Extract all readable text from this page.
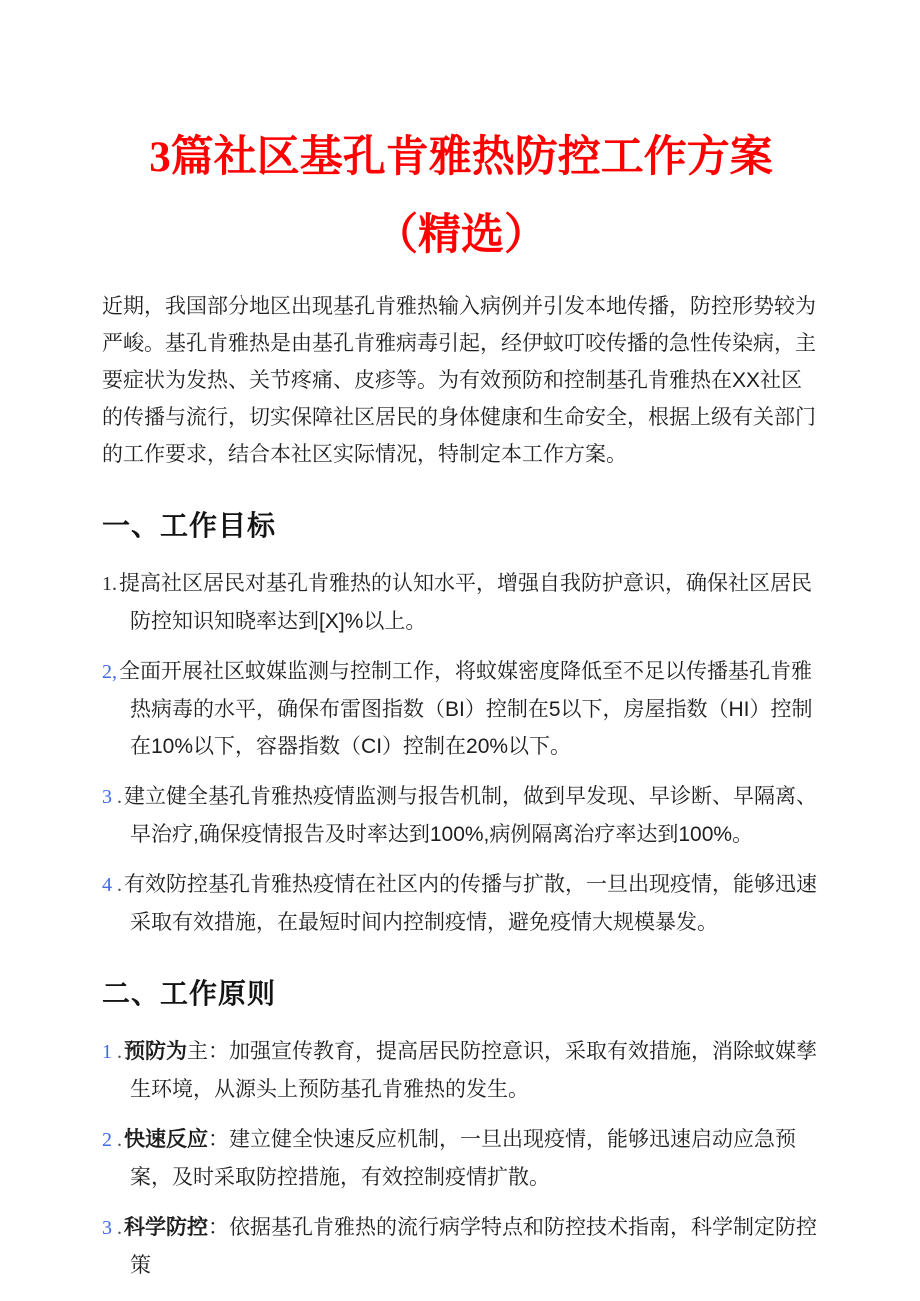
3篇社区基孔肯雅热防控工作方案
（精选）

近期，我国部分地区出现基孔肯雅热输入病例并引发本地传播，防控形势较为严峻。基孔肯雅热是由基孔肯雅病毒引起，经伊蚊叮咬传播的急性传染病，主要症状为发热、关节疼痛、皮疹等。为有效预防和控制基孔肯雅热在XX社区的传播与流行，切实保障社区居民的身体健康和生命安全，根据上级有关部门的工作要求，结合本社区实际情况，特制定本工作方案。

一、工作目标
1.提高社区居民对基孔肯雅热的认知水平，增强自我防护意识，确保社区居民防控知识知晓率达到[X]%以上。
2,全面开展社区蚊媒监测与控制工作，将蚊媒密度降低至不足以传播基孔肯雅热病毒的水平，确保布雷图指数（BI）控制在5以下，房屋指数（HI）控制在10%以下，容器指数（CI）控制在20%以下。
3 .建立健全基孔肯雅热疫情监测与报告机制，做到早发现、早诊断、早隔离、早治疗,确保疫情报告及时率达到100%,病例隔离治疗率达到100%。
4 .有效防控基孔肯雅热疫情在社区内的传播与扩散，一旦出现疫情，能够迅速采取有效措施，在最短时间内控制疫情，避免疫情大规模暴发。
二、工作原则
1 .预防为主：加强宣传教育，提高居民防控意识，采取有效措施，消除蚊媒孳生环境，从源头上预防基孔肯雅热的发生。
2 .快速反应：建立健全快速反应机制，一旦出现疫情，能够迅速启动应急预案，及时采取防控措施，有效控制疫情扩散。
3 .科学防控：依据基孔肯雅热的流行病学特点和防控技术指南，科学制定防控策
